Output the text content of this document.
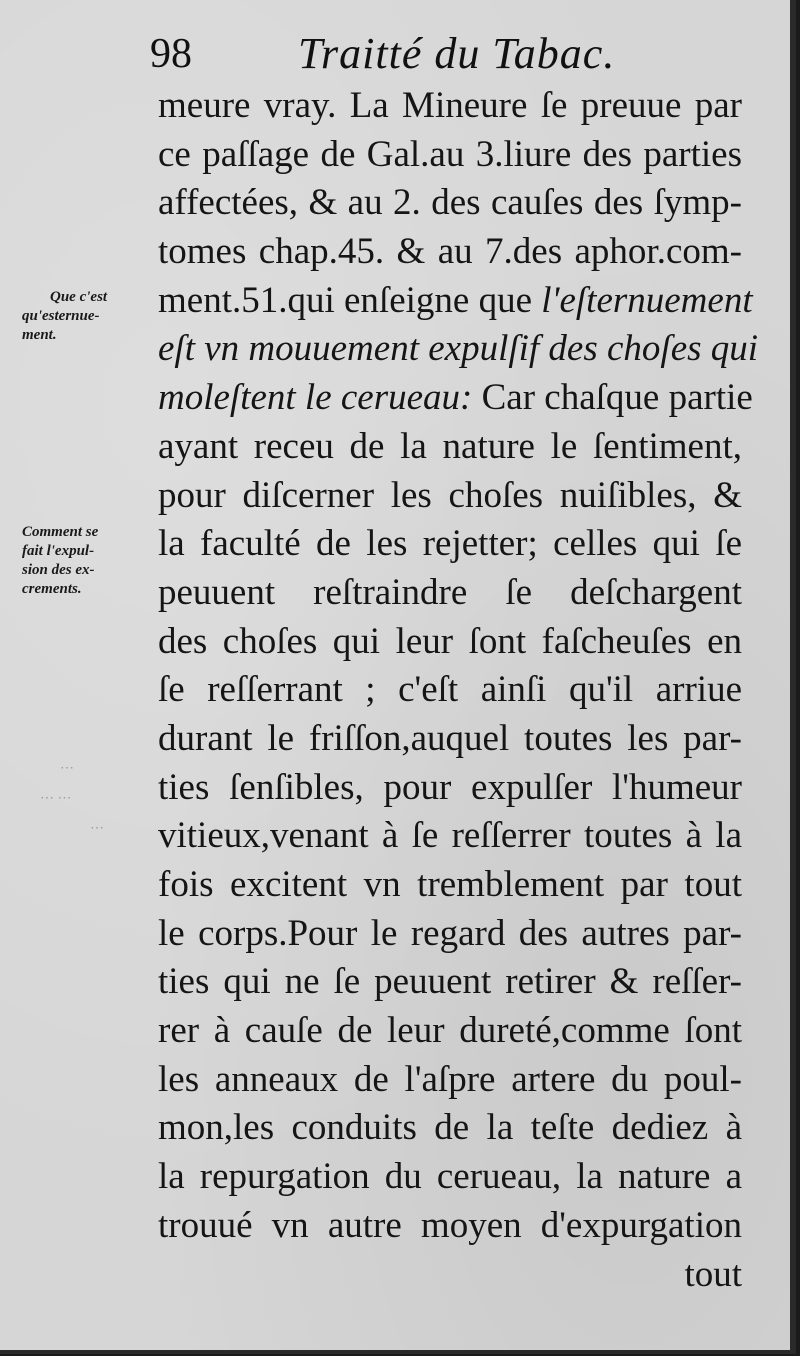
98 Traitté du Tabac.
Que c'est
qu'esternue-
ment.
Comment se
fait l'expul-
sion des ex-
crements.
meure vray. La Mineure ſe preuue par
ce paſſage de Gal.au 3.liure des parties
affectées, & au 2. des cauſes des ſymp-
tomes chap.45. & au 7.des aphor.com-
ment.51.qui enſeigne que l'eſternuement
eſt vn mouuement expulſif des choſes qui
moleſtent le cerueau: Car chaſque partie
ayant receu de la nature le ſentiment,
pour diſcerner les choſes nuiſibles, &
la faculté de les rejetter; celles qui ſe
peuuent reſtraindre ſe deſchargent
des choſes qui leur ſont faſcheuſes en
ſe reſſerrant ; c'eſt ainſi qu'il arriue
durant le friſſon,auquel toutes les par-
ties ſenſibles, pour expulſer l'humeur
vitieux,venant à ſe reſſerrer toutes à la
fois excitent vn tremblement par tout
le corps.Pour le regard des autres par-
ties qui ne ſe peuuent retirer & reſſer-
rer à cauſe de leur dureté,comme ſont
les anneaux de l'aſpre artere du poul-
mon,les conduits de la teſte dediez à
la repurgation du cerueau, la nature a
trouué vn autre moyen d'expurgation
tout
⋯
⋯ ⋯
⋯
